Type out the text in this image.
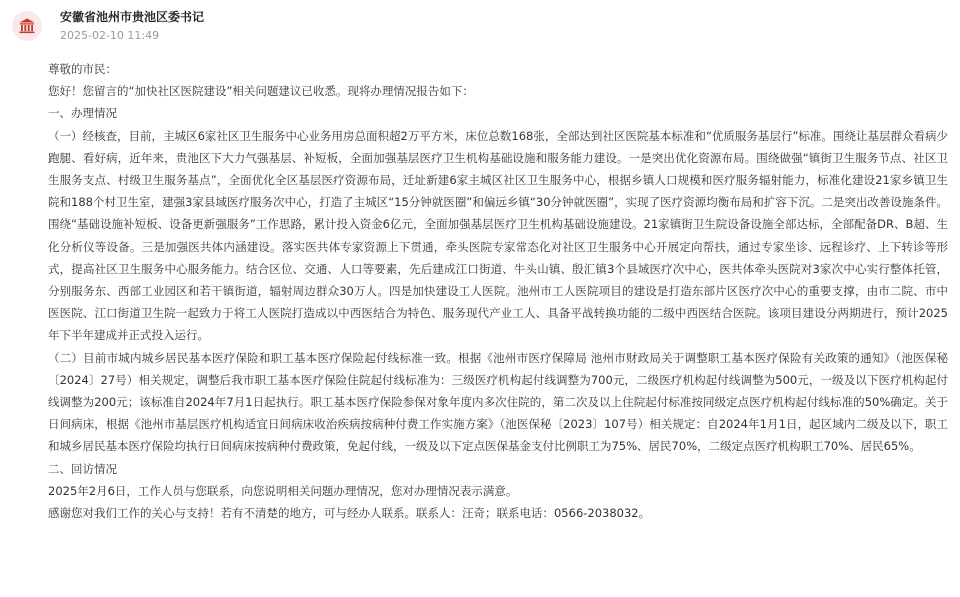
安徽省池州市贵池区委书记
2025-02-10 11:49

尊敬的市民：

您好！您留言的“加快社区医院建设”相关问题建议已收悉。现将办理情况报告如下：

一、办理情况

（一）经核查，目前，主城区6家社区卫生服务中心业务用房总面积超2万平方米，床位总数168张，全部达到社区医院基本标准和“优质服务基层行”标准。围绕让基层群众看病少跑腿、看好病，近年来，贵池区下大力气强基层、补短板，全面加强基层医疗卫生机构基础设施和服务能力建设。一是突出优化资源布局。围绕做强“镇街卫生服务节点、社区卫生服务支点、村级卫生服务基点”，全面优化全区基层医疗资源布局，迁址新建6家主城区社区卫生服务中心，根据乡镇人口规模和医疗服务辐射能力，标准化建设21家乡镇卫生院和188个村卫生室，建强3家县域医疗服务次中心，打造了主城区“15分钟就医圈”和偏远乡镇“30分钟就医圈”，实现了医疗资源均衡布局和扩容下沉。二是突出改善设施条件。围绕“基础设施补短板、设备更新强服务”工作思路，累计投入资金6亿元，全面加强基层医疗卫生机构基础设施建设。21家镇街卫生院设备设施全部达标，全部配备DR、B超、生化分析仪等设备。三是加强医共体内涵建设。落实医共体专家资源上下贯通，牵头医院专家常态化对社区卫生服务中心开展定向帮扶，通过专家坐诊、远程诊疗、上下转诊等形式，提高社区卫生服务中心服务能力。结合区位、交通、人口等要素，先后建成江口街道、牛头山镇、殷汇镇3个县域医疗次中心，医共体牵头医院对3家次中心实行整体托管，分别服务东、西部工业园区和若干镇街道，辐射周边群众30万人。四是加快建设工人医院。池州市工人医院项目的建设是打造东部片区医疗次中心的重要支撑，由市二院、市中医医院、江口街道卫生院一起致力于将工人医院打造成以中西医结合为特色、服务现代产业工人、具备平战转换功能的二级中西医结合医院。该项目建设分两期进行，预计2025年下半年建成并正式投入运行。

（二）目前市城内城乡居民基本医疗保险和职工基本医疗保险起付线标准一致。根据《池州市医疗保障局 池州市财政局关于调整职工基本医疗保险有关政策的通知》（池医保秘〔2024〕27号）相关规定，调整后我市职工基本医疗保险住院起付线标准为：三级医疗机构起付线调整为700元，二级医疗机构起付线调整为500元，一级及以下医疗机构起付线调整为200元；该标准自2024年7月1日起执行。职工基本医疗保险参保对象年度内多次住院的，第二次及以上住院起付标准按同级定点医疗机构起付线标准的50%确定。关于日间病床，根据《池州市基层医疗机构适宜日间病床收治疾病按病种付费工作实施方案》（池医保秘〔2023〕107号）相关规定：自2024年1月1日，起区域内二级及以下，职工和城乡居民基本医疗保险均执行日间病床按病种付费政策，免起付线，一级及以下定点医保基金支付比例职工为75%、居民70%，二级定点医疗机构职工70%、居民65%。

二、回访情况

2025年2月6日，工作人员与您联系，向您说明相关问题办理情况，您对办理情况表示满意。

感谢您对我们工作的关心与支持！若有不清楚的地方，可与经办人联系。联系人：汪奇；联系电话：0566-2038032。
